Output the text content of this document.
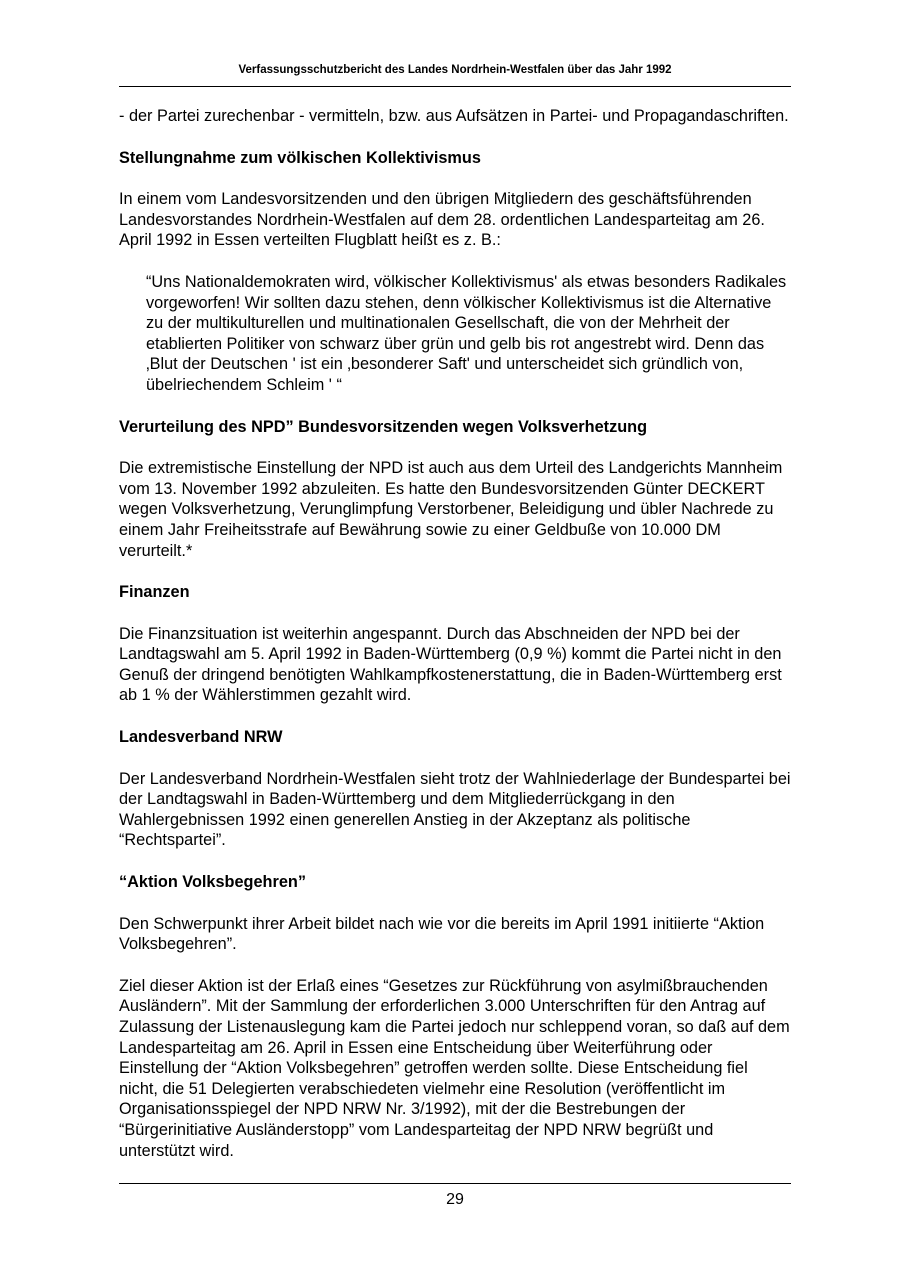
Verfassungsschutzbericht des Landes Nordrhein-Westfalen über das Jahr 1992

- der Partei zurechenbar - vermitteln, bzw. aus Aufsätzen in Partei- und Propagandaschriften.

Stellungnahme zum völkischen Kollektivismus

In einem vom Landesvorsitzenden und den übrigen Mitgliedern des geschäftsführenden Landesvorstandes Nordrhein-Westfalen auf dem 28. ordentlichen Landesparteitag am 26. April 1992 in Essen verteilten Flugblatt heißt es z. B.:

“Uns Nationaldemokraten wird, völkischer Kollektivismus' als etwas besonders Radikales vorgeworfen! Wir sollten dazu stehen, denn völkischer Kollektivismus ist die Alternative zu der multikulturellen und multinationalen Gesellschaft, die von der Mehrheit der etablierten Politiker von schwarz über grün und gelb bis rot angestrebt wird. Denn das ‚Blut der Deutschen ' ist ein ‚besonderer Saft' und unterscheidet sich gründlich von, übelriechendem Schleim ' “

Verurteilung des NPD” Bundesvorsitzenden wegen Volksverhetzung

Die extremistische Einstellung der NPD ist auch aus dem Urteil des Landgerichts Mannheim vom 13. November 1992 abzuleiten. Es hatte den Bundesvorsitzenden Günter DECKERT wegen Volksverhetzung, Verunglimpfung Verstorbener, Beleidigung und übler Nachrede zu einem Jahr Freiheitsstrafe auf Bewährung sowie zu einer Geldbuße von 10.000 DM verurteilt.*

Finanzen

Die Finanzsituation ist weiterhin angespannt. Durch das Abschneiden der NPD bei der Landtagswahl am 5. April 1992 in Baden-Württemberg (0,9 %) kommt die Partei nicht in den Genuß der dringend benötigten Wahlkampfkostenerstattung, die in Baden-Württemberg erst ab 1 % der Wählerstimmen gezahlt wird.

Landesverband NRW

Der Landesverband Nordrhein-Westfalen sieht trotz der Wahlniederlage der Bundespartei bei der Landtagswahl in Baden-Württemberg und dem Mitgliederrückgang in den Wahlergebnissen 1992 einen generellen Anstieg in der Akzeptanz als politische “Rechtspartei”.

“Aktion Volksbegehren”

Den Schwerpunkt ihrer Arbeit bildet nach wie vor die bereits im April 1991 initiierte “Aktion Volksbegehren”.

Ziel dieser Aktion ist der Erlaß eines “Gesetzes zur Rückführung von asylmißbrauchenden Ausländern”. Mit der Sammlung der erforderlichen 3.000 Unterschriften für den Antrag auf Zulassung der Listenauslegung kam die Partei jedoch nur schleppend voran, so daß auf dem Landesparteitag am 26. April in Essen eine Entscheidung über Weiterführung oder Einstellung der “Aktion Volksbegehren” getroffen werden sollte. Diese Entscheidung fiel nicht, die 51 Delegierten verabschiedeten vielmehr eine Resolution (veröffentlicht im Organisationsspiegel der NPD NRW Nr. 3/1992), mit der die Bestrebungen der “Bürgerinitiative Ausländerstopp” vom Landesparteitag der NPD NRW begrüßt und unterstützt wird.

29
